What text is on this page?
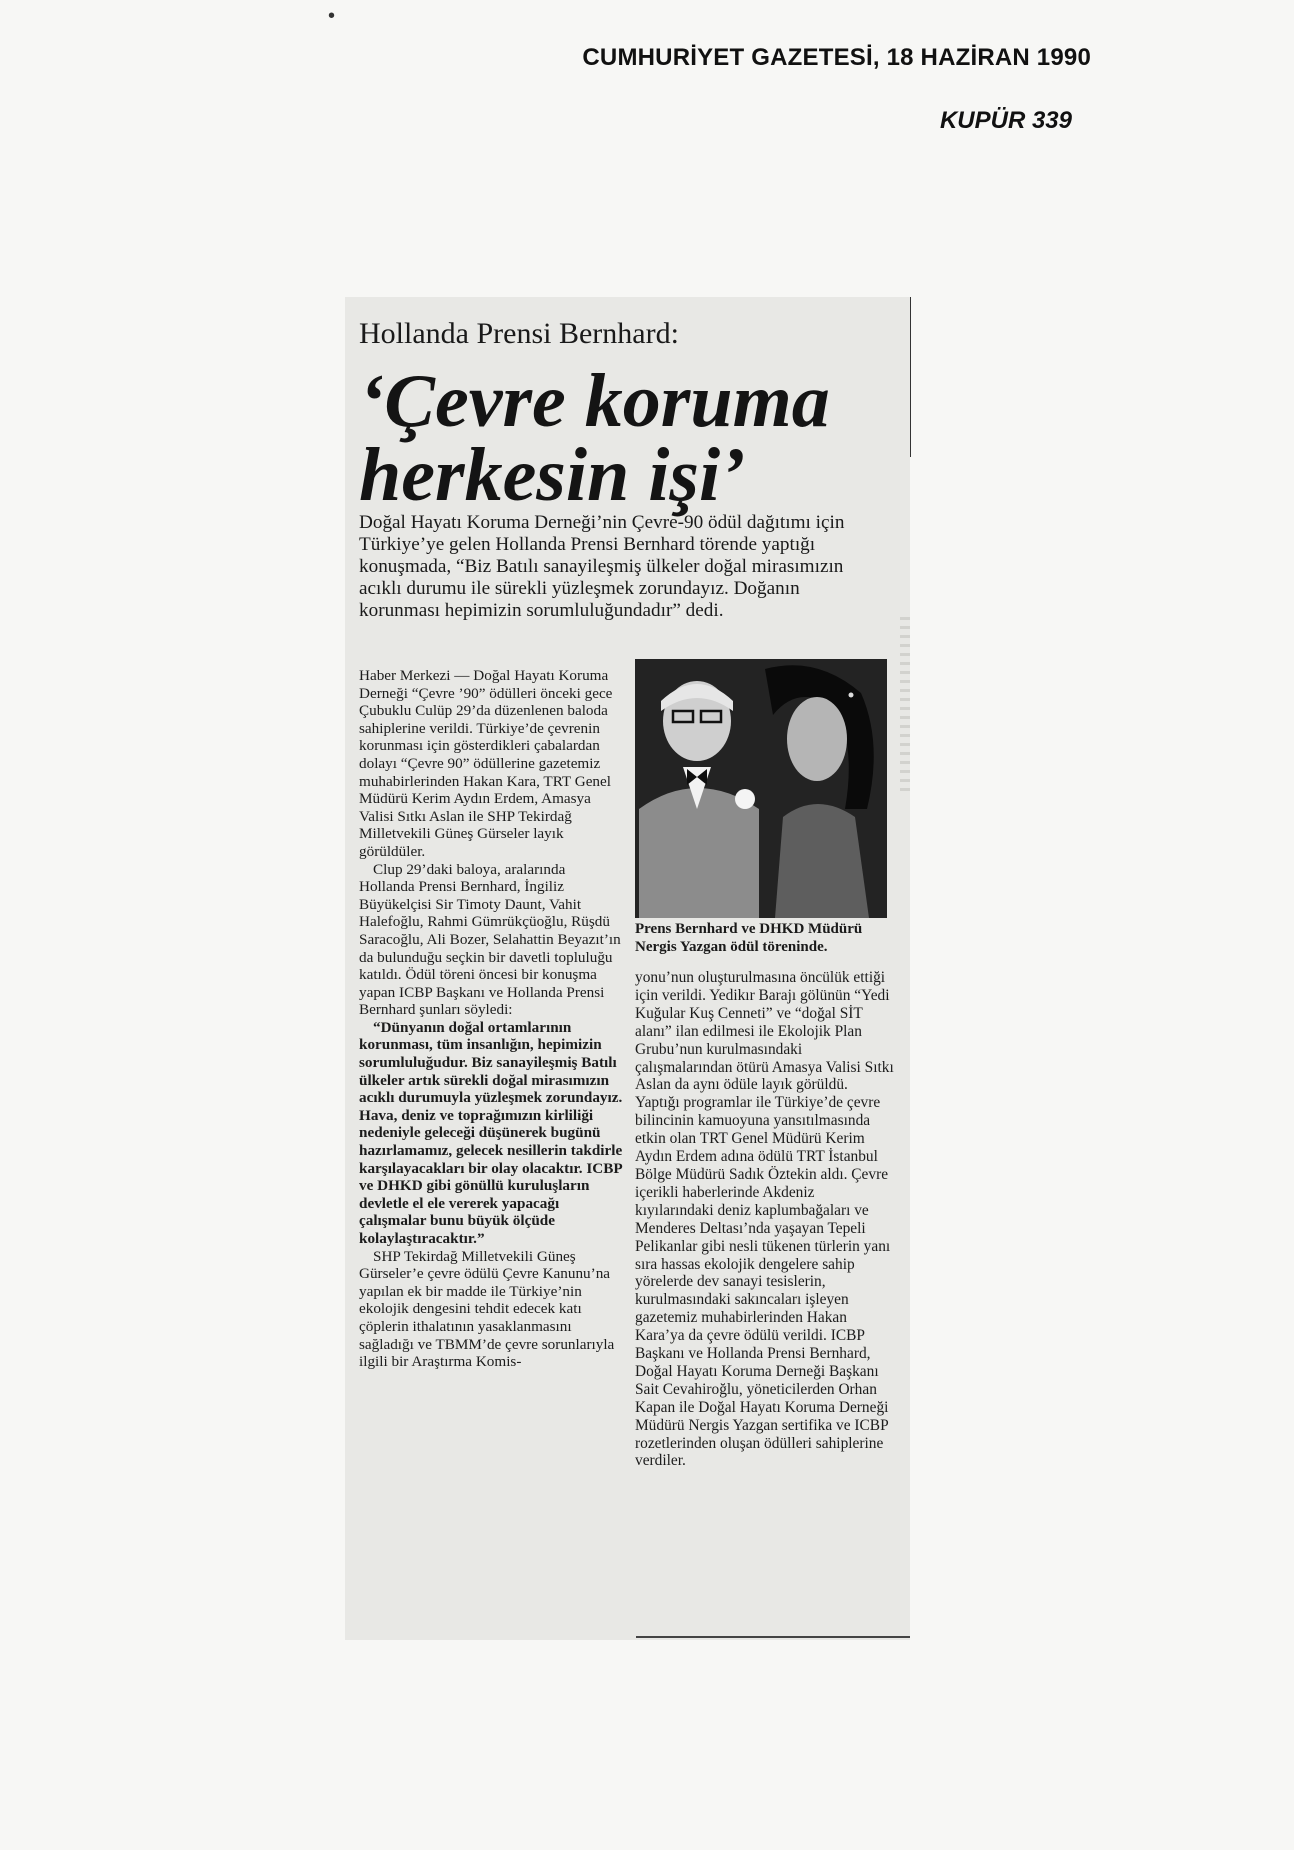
•
CUMHURİYET GAZETESİ, 18 HAZİRAN 1990
KUPÜR 339
Hollanda Prensi Bernhard:
‘Çevre koruma
herkesin işi’

Doğal Hayatı Koruma Derneği’nin Çevre-90 ödül dağıtımı için Türkiye’ye gelen Hollanda Prensi Bernhard törende yaptığı konuşmada, “Biz Batılı sanayileşmiş ülkeler doğal mirasımızın acıklı durumu ile sürekli yüzleşmek zorundayız. Doğanın korunması hepimizin sorumluluğundadır” dedi.

Haber Merkezi — Doğal Hayatı Koruma Derneği “Çevre ’90” ödülleri önceki gece Çubuklu Culüp 29’da düzenlenen baloda sahiplerine verildi. Türkiye’de çevrenin korunması için gösterdikleri çabalardan dolayı “Çevre 90” ödüllerine gazetemiz muhabirlerinden Hakan Kara, TRT Genel Müdürü Kerim Aydın Erdem, Amasya Valisi Sıtkı Aslan ile SHP Tekirdağ Milletvekili Güneş Gürseler layık görüldüler.

Clup 29’daki baloya, aralarında Hollanda Prensi Bernhard, İngiliz Büyükelçisi Sir Timoty Daunt, Vahit Halefoğlu, Rahmi Gümrükçüoğlu, Rüşdü Saracoğlu, Ali Bozer, Selahattin Beyazıt’ın da bulunduğu seçkin bir davetli topluluğu katıldı. Ödül töreni öncesi bir konuşma yapan ICBP Başkanı ve Hollanda Prensi Bernhard şunları söyledi:

“Dünyanın doğal ortamlarının korunması, tüm insanlığın, hepimizin sorumluluğudur. Biz sanayileşmiş Batılı ülkeler artık sürekli doğal mirasımızın acıklı durumuyla yüzleşmek zorundayız. Hava, deniz ve toprağımızın kirliliği nedeniyle geleceği düşünerek bugünü hazırlamamız, gelecek nesillerin takdirle karşılayacakları bir olay olacaktır. ICBP ve DHKD gibi gönüllü kuruluşların devletle el ele vererek yapacağı çalışmalar bunu büyük ölçüde kolaylaştıracaktır.”

SHP Tekirdağ Milletvekili Güneş Gürseler’e çevre ödülü Çevre Kanunu’na yapılan ek bir madde ile Türkiye’nin ekolojik dengesini tehdit edecek katı çöplerin ithalatının yasaklanmasını sağladığı ve TBMM’de çevre sorunlarıyla ilgili bir Araştırma Komis-

Prens Bernhard ve DHKD Müdürü Nergis Yazgan ödül töreninde.

yonu’nun oluşturulmasına öncülük ettiği için verildi. Yedikır Barajı gölünün “Yedi Kuğular Kuş Cenneti” ve “doğal SİT alanı” ilan edilmesi ile Ekolojik Plan Grubu’nun kurulmasındaki çalışmalarından ötürü Amasya Valisi Sıtkı Aslan da aynı ödüle layık görüldü. Yaptığı programlar ile Türkiye’de çevre bilincinin kamuoyuna yansıtılmasında etkin olan TRT Genel Müdürü Kerim Aydın Erdem adına ödülü TRT İstanbul Bölge Müdürü Sadık Öztekin aldı. Çevre içerikli haberlerinde Akdeniz kıyılarındaki deniz kaplumbağaları ve Menderes Deltası’nda yaşayan Tepeli Pelikanlar gibi nesli tükenen türlerin yanı sıra hassas ekolojik dengelere sahip yörelerde dev sanayi tesislerin, kurulmasındaki sakıncaları işleyen gazetemiz muhabirlerinden Hakan Kara’ya da çevre ödülü verildi. ICBP Başkanı ve Hollanda Prensi Bernhard, Doğal Hayatı Koruma Derneği Başkanı Sait Cevahiroğlu, yöneticilerden Orhan Kapan ile Doğal Hayatı Koruma Derneği Müdürü Nergis Yazgan sertifika ve ICBP rozetlerinden oluşan ödülleri sahiplerine verdiler.
